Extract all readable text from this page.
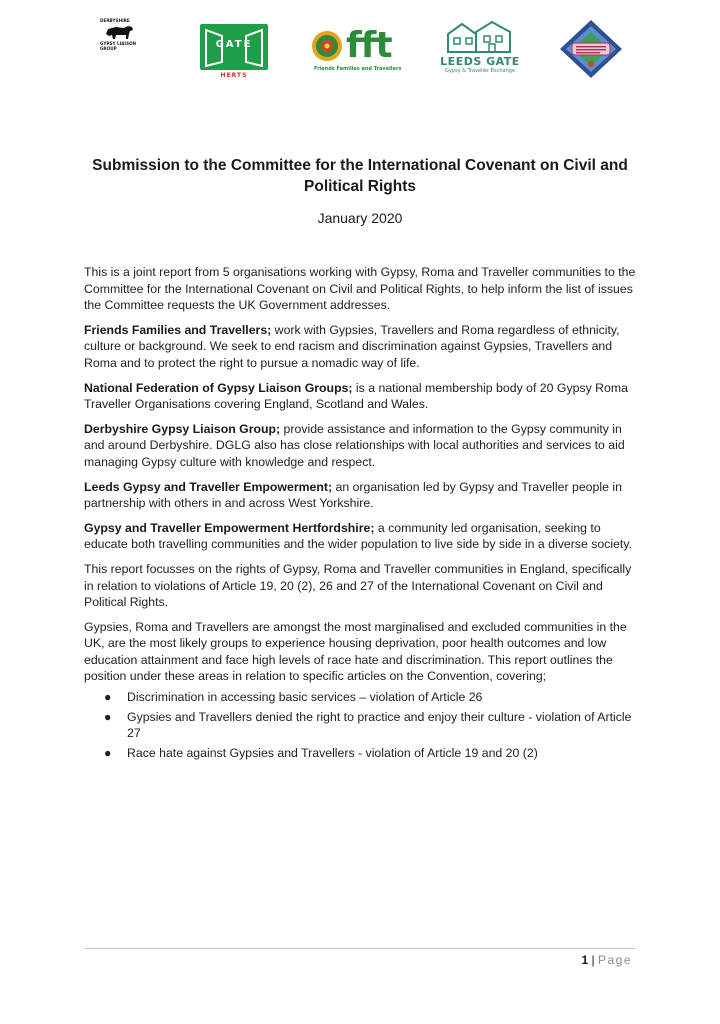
DERBYSHIRE
GYPSY LIAISON
GROUP	GATE
HERTS
fft
Friends Families and Travellers
LEEDS GATE
Gypsy & Traveller Exchange
Submission to the Committee for the International Covenant on Civil and Political Rights
January 2020

This is a joint report from 5 organisations working with Gypsy, Roma and Traveller communities to the Committee for the International Covenant on Civil and Political Rights, to help inform the list of issues the Committee requests the UK Government addresses.

Friends Families and Travellers; work with Gypsies, Travellers and Roma regardless of ethnicity, culture or background. We seek to end racism and discrimination against Gypsies, Travellers and Roma and to protect the right to pursue a nomadic way of life.

National Federation of Gypsy Liaison Groups; is a national membership body of 20 Gypsy Roma Traveller Organisations covering England, Scotland and Wales.

Derbyshire Gypsy Liaison Group; provide assistance and information to the Gypsy community in and around Derbyshire. DGLG also has close relationships with local authorities and services to aid managing Gypsy culture with knowledge and respect.

Leeds Gypsy and Traveller Empowerment; an organisation led by Gypsy and Traveller people in partnership with others in and across West Yorkshire.

Gypsy and Traveller Empowerment Hertfordshire; a community led organisation, seeking to educate both travelling communities and the wider population to live side by side in a diverse society.

This report focusses on the rights of Gypsy, Roma and Traveller communities in England, specifically in relation to violations of Article 19, 20 (2), 26 and 27 of the International Covenant on Civil and Political Rights.

Gypsies, Roma and Travellers are amongst the most marginalised and excluded communities in the UK, are the most likely groups to experience housing deprivation, poor health outcomes and low education attainment and face high levels of race hate and discrimination. This report outlines the position under these areas in relation to specific articles on the Convention, covering;

● Discrimination in accessing basic services – violation of Article 26
● Gypsies and Travellers denied the right to practice and enjoy their culture - violation of Article 27
● Race hate against Gypsies and Travellers - violation of Article 19 and 20 (2)
1 | Page
